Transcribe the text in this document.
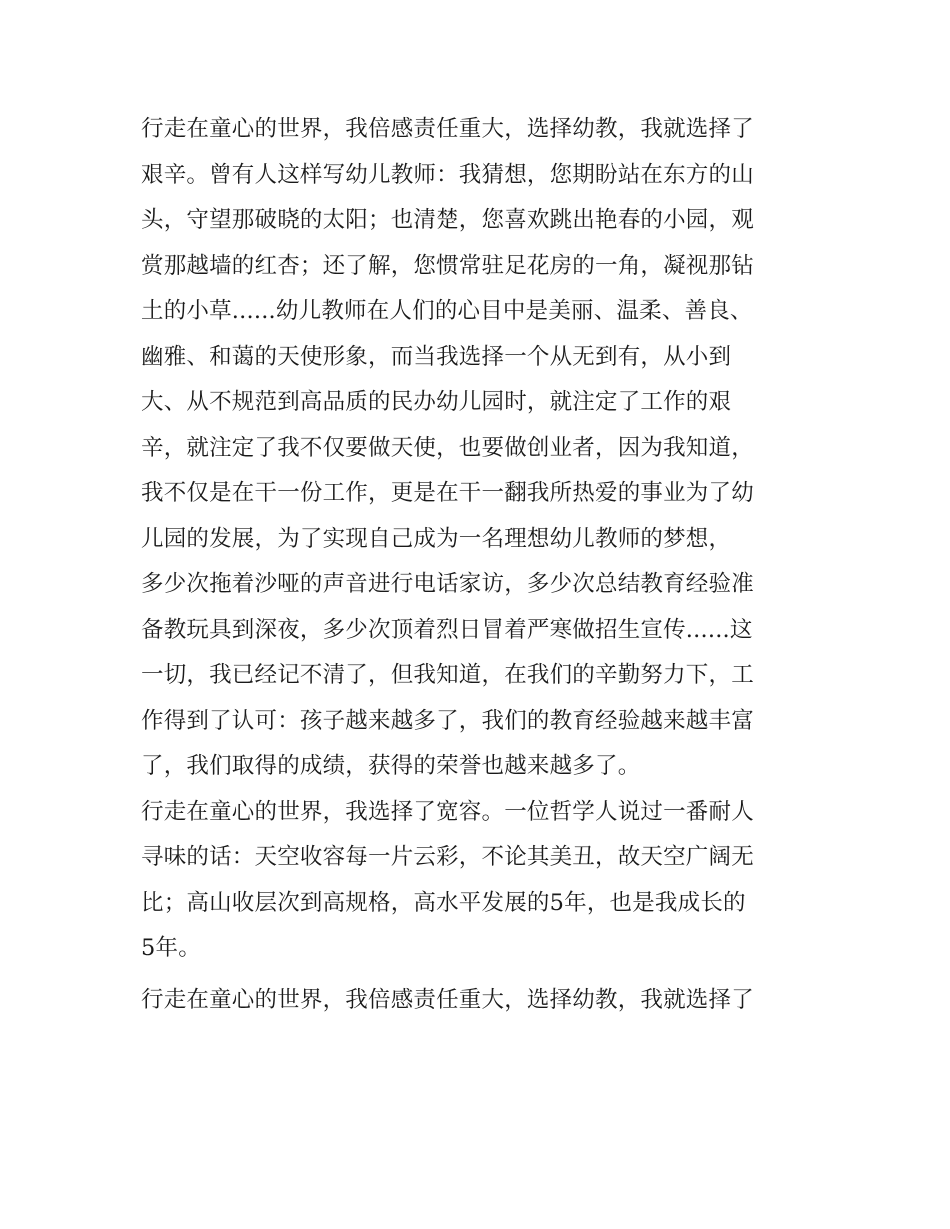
行走在童心的世界，我倍感责任重大，选择幼教，我就选择了
艰辛。曾有人这样写幼儿教师：我猜想，您期盼站在东方的山
头，守望那破晓的太阳；也清楚，您喜欢跳出艳春的小园，观
赏那越墙的红杏；还了解，您惯常驻足花房的一角，凝视那钻
土的小草......幼儿教师在人们的心目中是美丽、温柔、善良、
幽雅、和蔼的天使形象，而当我选择一个从无到有，从小到
大、从不规范到高品质的民办幼儿园时，就注定了工作的艰
辛，就注定了我不仅要做天使，也要做创业者，因为我知道，
我不仅是在干一份工作，更是在干一翻我所热爱的事业为了幼
儿园的发展，为了实现自己成为一名理想幼儿教师的梦想，
多少次拖着沙哑的声音进行电话家访，多少次总结教育经验准
备教玩具到深夜，多少次顶着烈日冒着严寒做招生宣传......这
一切，我已经记不清了，但我知道，在我们的辛勤努力下，工
作得到了认可：孩子越来越多了，我们的教育经验越来越丰富
了，我们取得的成绩，获得的荣誉也越来越多了。
行走在童心的世界，我选择了宽容。一位哲学人说过一番耐人
寻味的话：天空收容每一片云彩，不论其美丑，故天空广阔无
比；高山收层次到高规格，高水平发展的5年，也是我成长的
5年。
行走在童心的世界，我倍感责任重大，选择幼教，我就选择了
